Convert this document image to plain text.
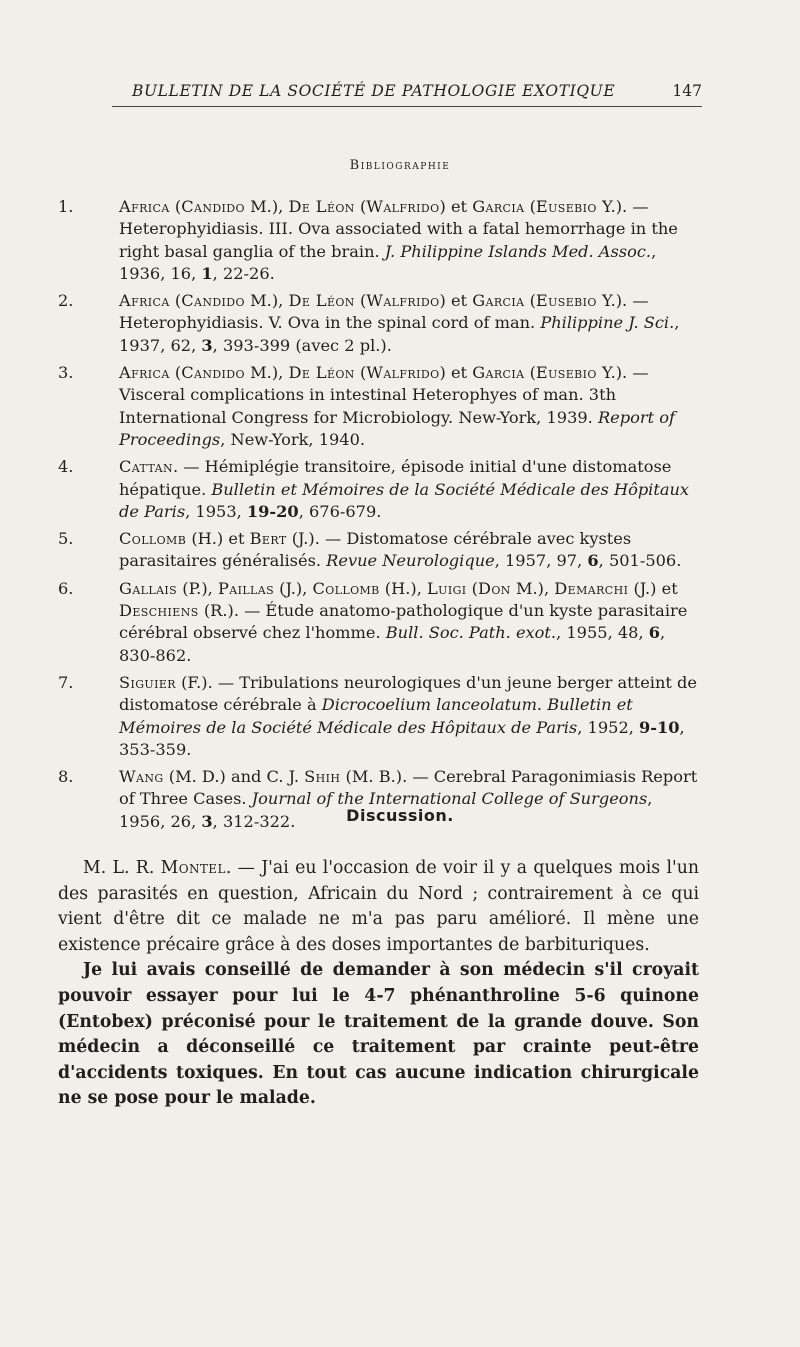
BULLETIN DE LA SOCIÉTÉ DE PATHOLOGIE EXOTIQUE	147
Bibliographie
1.	Africa (Candido M.), De Léon (Walfrido) et Garcia (Eusebio Y.). — Heterophyidiasis. III. Ova associated with a fatal hemorrhage in the right basal ganglia of the brain. J. Philippine Islands Med. Assoc., 1936, 16, 1, 22-26.
2.	Africa (Candido M.), De Léon (Walfrido) et Garcia (Eusebio Y.). — Heterophyidiasis. V. Ova in the spinal cord of man. Philippine J. Sci., 1937, 62, 3, 393-399 (avec 2 pl.).
3.	Africa (Candido M.), De Léon (Walfrido) et Garcia (Eusebio Y.). — Visceral complications in intestinal Heterophyes of man. 3th International Congress for Microbiology. New-York, 1939. Report of Proceedings, New-York, 1940.
4.	Cattan. — Hémiplégie transitoire, épisode initial d'une distomatose hépatique. Bulletin et Mémoires de la Société Médicale des Hôpitaux de Paris, 1953, 19-20, 676-679.
5.	Collomb (H.) et Bert (J.). — Distomatose cérébrale avec kystes parasitaires généralisés. Revue Neurologique, 1957, 97, 6, 501-506.
6.	Gallais (P.), Paillas (J.), Collomb (H.), Luigi (Don M.), Demarchi (J.) et Deschiens (R.). — Étude anatomo-pathologique d'un kyste parasitaire cérébral observé chez l'homme. Bull. Soc. Path. exot., 1955, 48, 6, 830-862.
7.	Siguier (F.). — Tribulations neurologiques d'un jeune berger atteint de distomatose cérébrale à Dicrocoelium lanceolatum. Bulletin et Mémoires de la Société Médicale des Hôpitaux de Paris, 1952, 9-10, 353-359.
8.	Wang (M. D.) and C. J. Shih (M. B.). — Cerebral Paragonimiasis Report of Three Cases. Journal of the International College of Surgeons, 1956, 26, 3, 312-322.	Discussion.

M. L. R. Montel. — J'ai eu l'occasion de voir il y a quelques mois l'un des parasités en question, Africain du Nord ; contrairement à ce qui vient d'être dit ce malade ne m'a pas paru amélioré. Il mène une existence précaire grâce à des doses importantes de barbituriques.

Je lui avais conseillé de demander à son médecin s'il croyait pouvoir essayer pour lui le 4-7 phénanthroline 5-6 quinone (Entobex) préconisé pour le traitement de la grande douve. Son médecin a déconseillé ce traitement par crainte peut-être d'accidents toxiques. En tout cas aucune indication chirurgicale ne se pose pour le malade.
